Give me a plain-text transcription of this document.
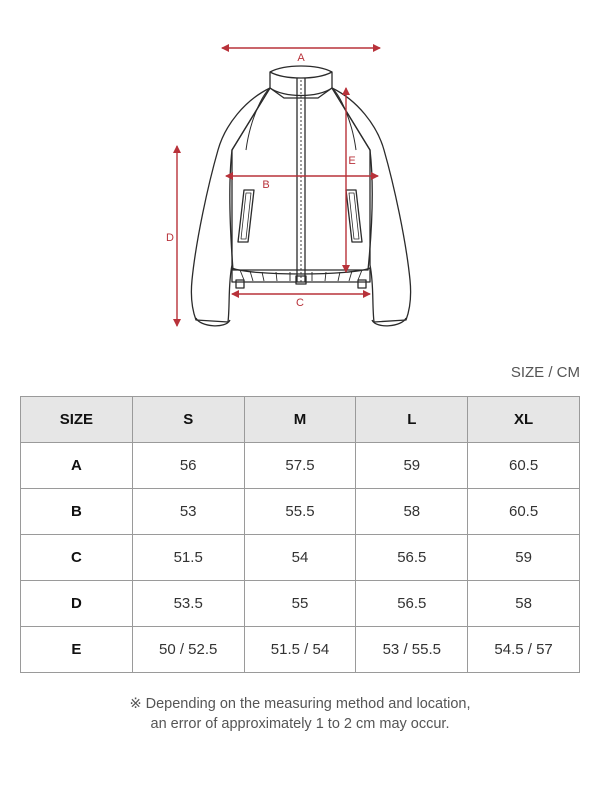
A
B
C
D
E
SIZE / CM
SIZE	S	M	L	XL
A	56	57.5	59	60.5
B	53	55.5	58	60.5
C	51.5	54	56.5	59
D	53.5	55	56.5	58
E	50 / 52.5	51.5 / 54	53 / 55.5	54.5 / 57
※ Depending on the measuring method and location,
an error of approximately 1 to 2 cm may occur.
